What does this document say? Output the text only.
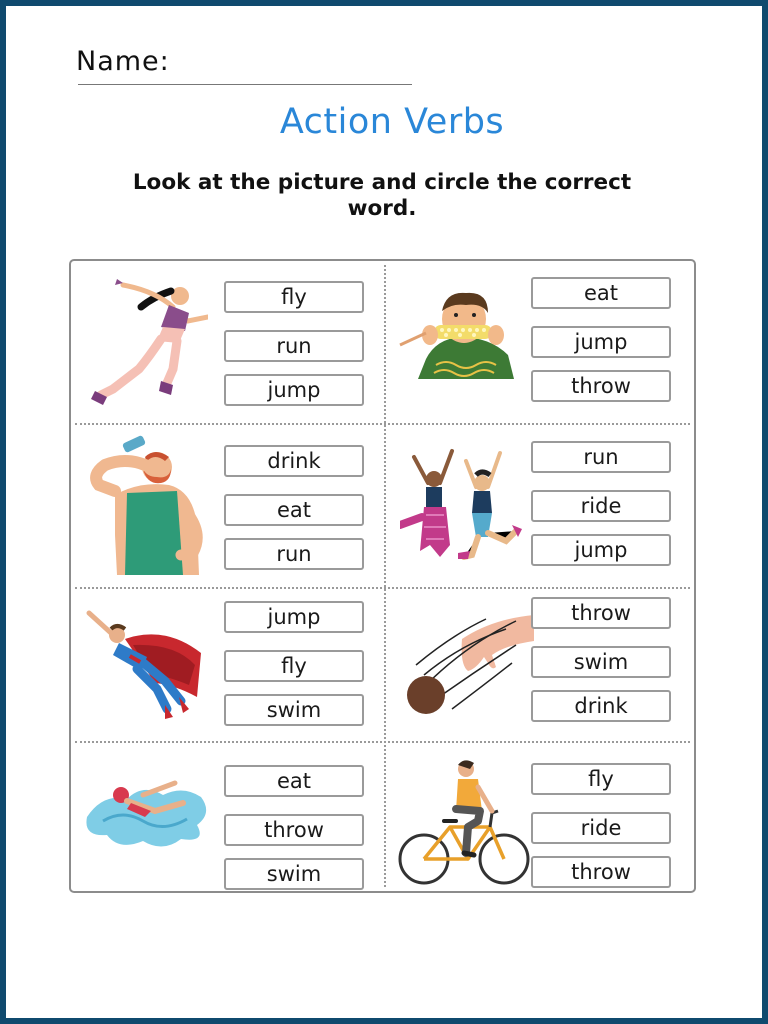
Name:
Action Verbs
Look at the picture and circle the correct word.
fly
run
jump
eat
jump
throw
drink
eat
run
run
ride
jump
jump
fly
swim
throw
swim
drink
eat
throw
swim
fly
ride
throw
